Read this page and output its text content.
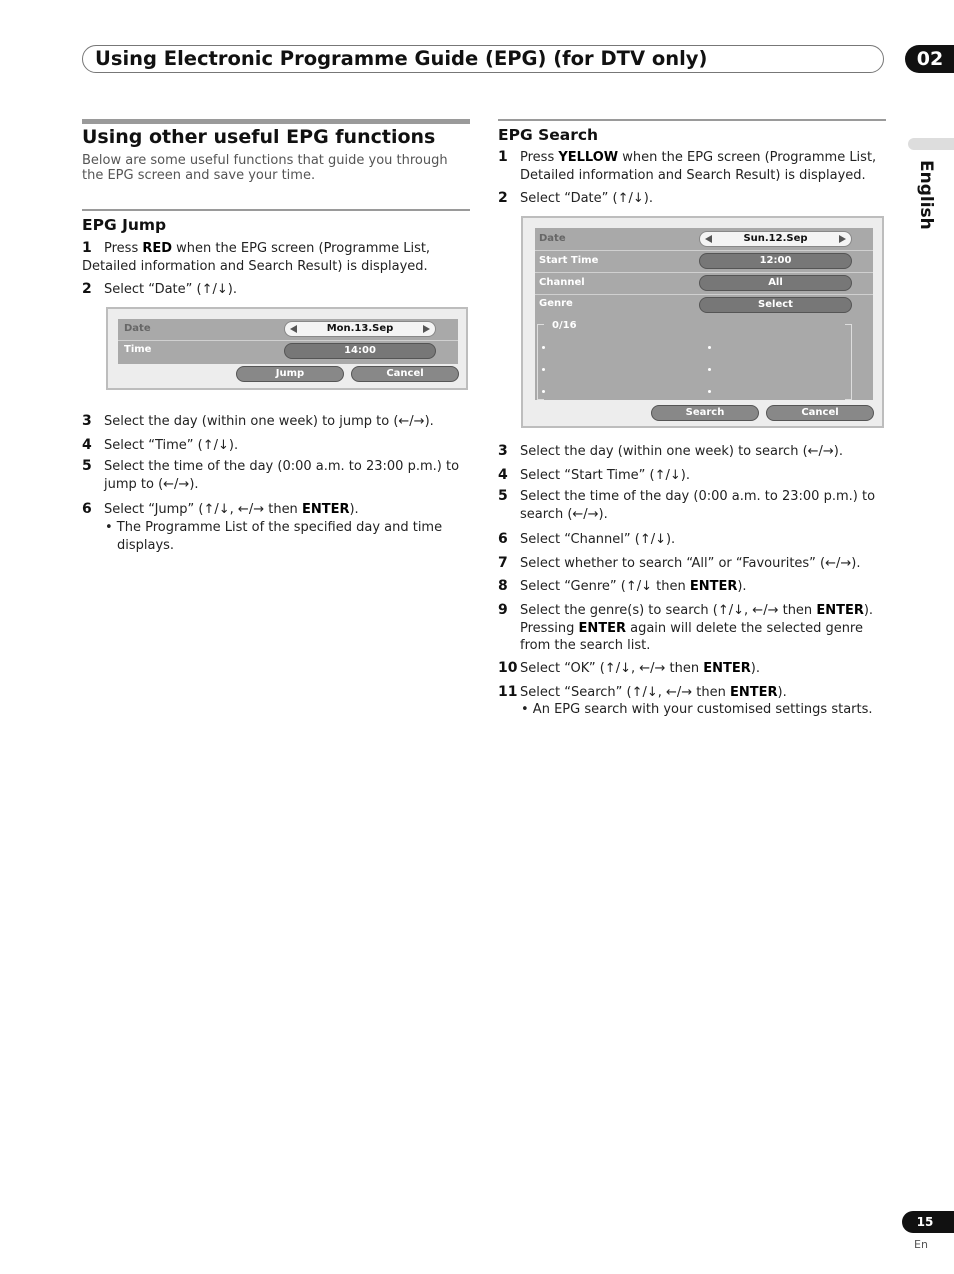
Using Electronic Programme Guide (EPG) (for DTV only)	02
English
Using other useful EPG functions
Below are some useful functions that guide you through the EPG screen and save your time.
EPG Jump
1 Press RED when the EPG screen (Programme List, Detailed information and Search Result) is displayed.
2 Select “Date” (↑/↓).
Date	Mon.13.Sep
Time	14:00
Jump	Cancel
3 Select the day (within one week) to jump to (←/→).
4 Select “Time” (↑/↓).
5 Select the time of the day (0:00 a.m. to 23:00 p.m.) to jump to (←/→).
6 Select “Jump” (↑/↓, ←/→ then ENTER).
• The Programme List of the specified day and time displays.
EPG Search
1 Press YELLOW when the EPG screen (Programme List, Detailed information and Search Result) is displayed.
2 Select “Date” (↑/↓).
Date	Sun.12.Sep
Start Time	12:00
Channel	All
Genre	Select
0/16
Search	Cancel
3 Select the day (within one week) to search (←/→).
4 Select “Start Time” (↑/↓).
5 Select the time of the day (0:00 a.m. to 23:00 p.m.) to search (←/→).
6 Select “Channel” (↑/↓).
7 Select whether to search “All” or “Favourites” (←/→).
8 Select “Genre” (↑/↓ then ENTER).
9 Select the genre(s) to search (↑/↓, ←/→ then ENTER).
Pressing ENTER again will delete the selected genre from the search list.
10 Select “OK” (↑/↓, ←/→ then ENTER).
11 Select “Search” (↑/↓, ←/→ then ENTER).
• An EPG search with your customised settings starts.
15
En
